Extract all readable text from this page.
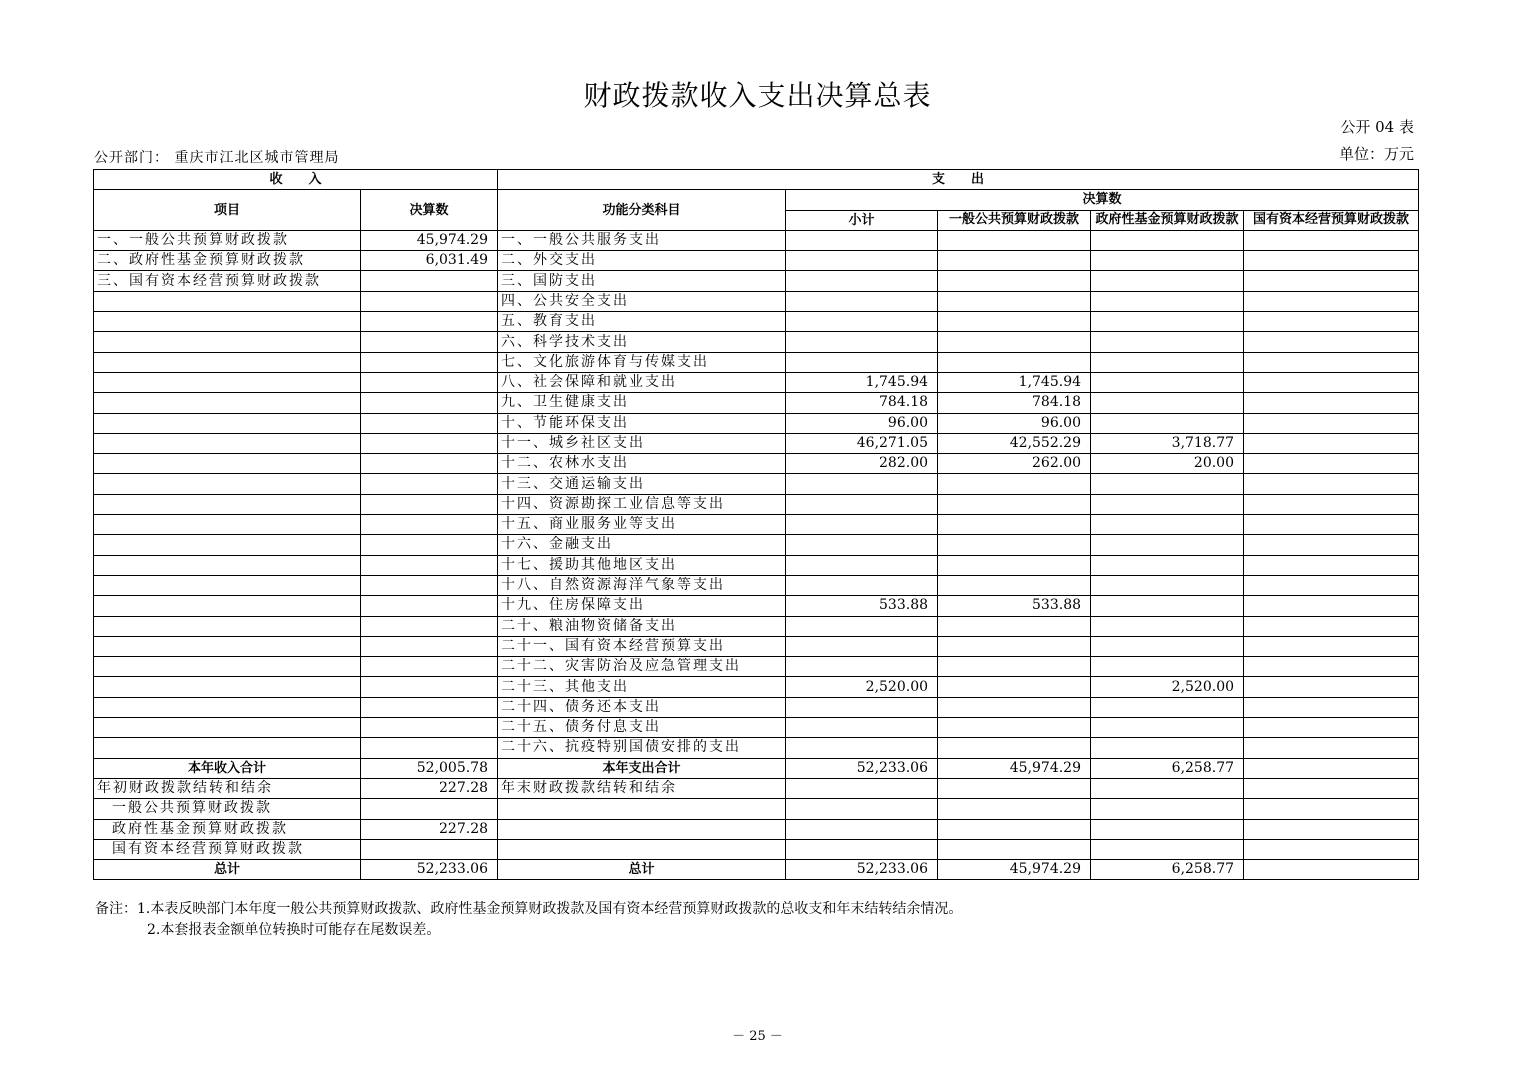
财政拨款收入支出决算总表
公开 04 表
单位：万元
公开部门： 重庆市江北区城市管理局
收　　入		支　　出				
项目	决算数	功能分类科目	决算数			
			小计	一般公共预算财政拨款	政府性基金预算财政拨款	国有资本经营预算财政拨款

一、一般公共预算财政拨款	45,974.29	一、一般公共服务支出				
二、政府性基金预算财政拨款	6,031.49	二、外交支出				
三、国有资本经营预算财政拨款		三、国防支出				
		四、公共安全支出				
		五、教育支出				
		六、科学技术支出				
		七、文化旅游体育与传媒支出				
		八、社会保障和就业支出	1,745.94	1,745.94		
		九、卫生健康支出	784.18	784.18		
		十、节能环保支出	96.00	96.00		
		十一、城乡社区支出	46,271.05	42,552.29	3,718.77	
		十二、农林水支出	282.00	262.00	20.00	
		十三、交通运输支出				
		十四、资源勘探工业信息等支出				
		十五、商业服务业等支出				
		十六、金融支出				
		十七、援助其他地区支出				
		十八、自然资源海洋气象等支出				
		十九、住房保障支出	533.88	533.88		
		二十、粮油物资储备支出				
		二十一、国有资本经营预算支出				
		二十二、灾害防治及应急管理支出				
		二十三、其他支出	2,520.00		2,520.00	
		二十四、债务还本支出				
		二十五、债务付息支出				
		二十六、抗疫特别国债安排的支出				
本年收入合计	52,005.78	本年支出合计	52,233.06	45,974.29	6,258.77	
年初财政拨款结转和结余	227.28	年末财政拨款结转和结余				
一般公共预算财政拨款						
政府性基金预算财政拨款	227.28					
国有资本经营预算财政拨款						
总计	52,233.06	总计	52,233.06	45,974.29	6,258.77	
备注：1.本表反映部门本年度一般公共预算财政拨款、政府性基金预算财政拨款及国有资本经营预算财政拨款的总收支和年末结转结余情况。
2.本套报表金额单位转换时可能存在尾数误差。
－ 25 －
